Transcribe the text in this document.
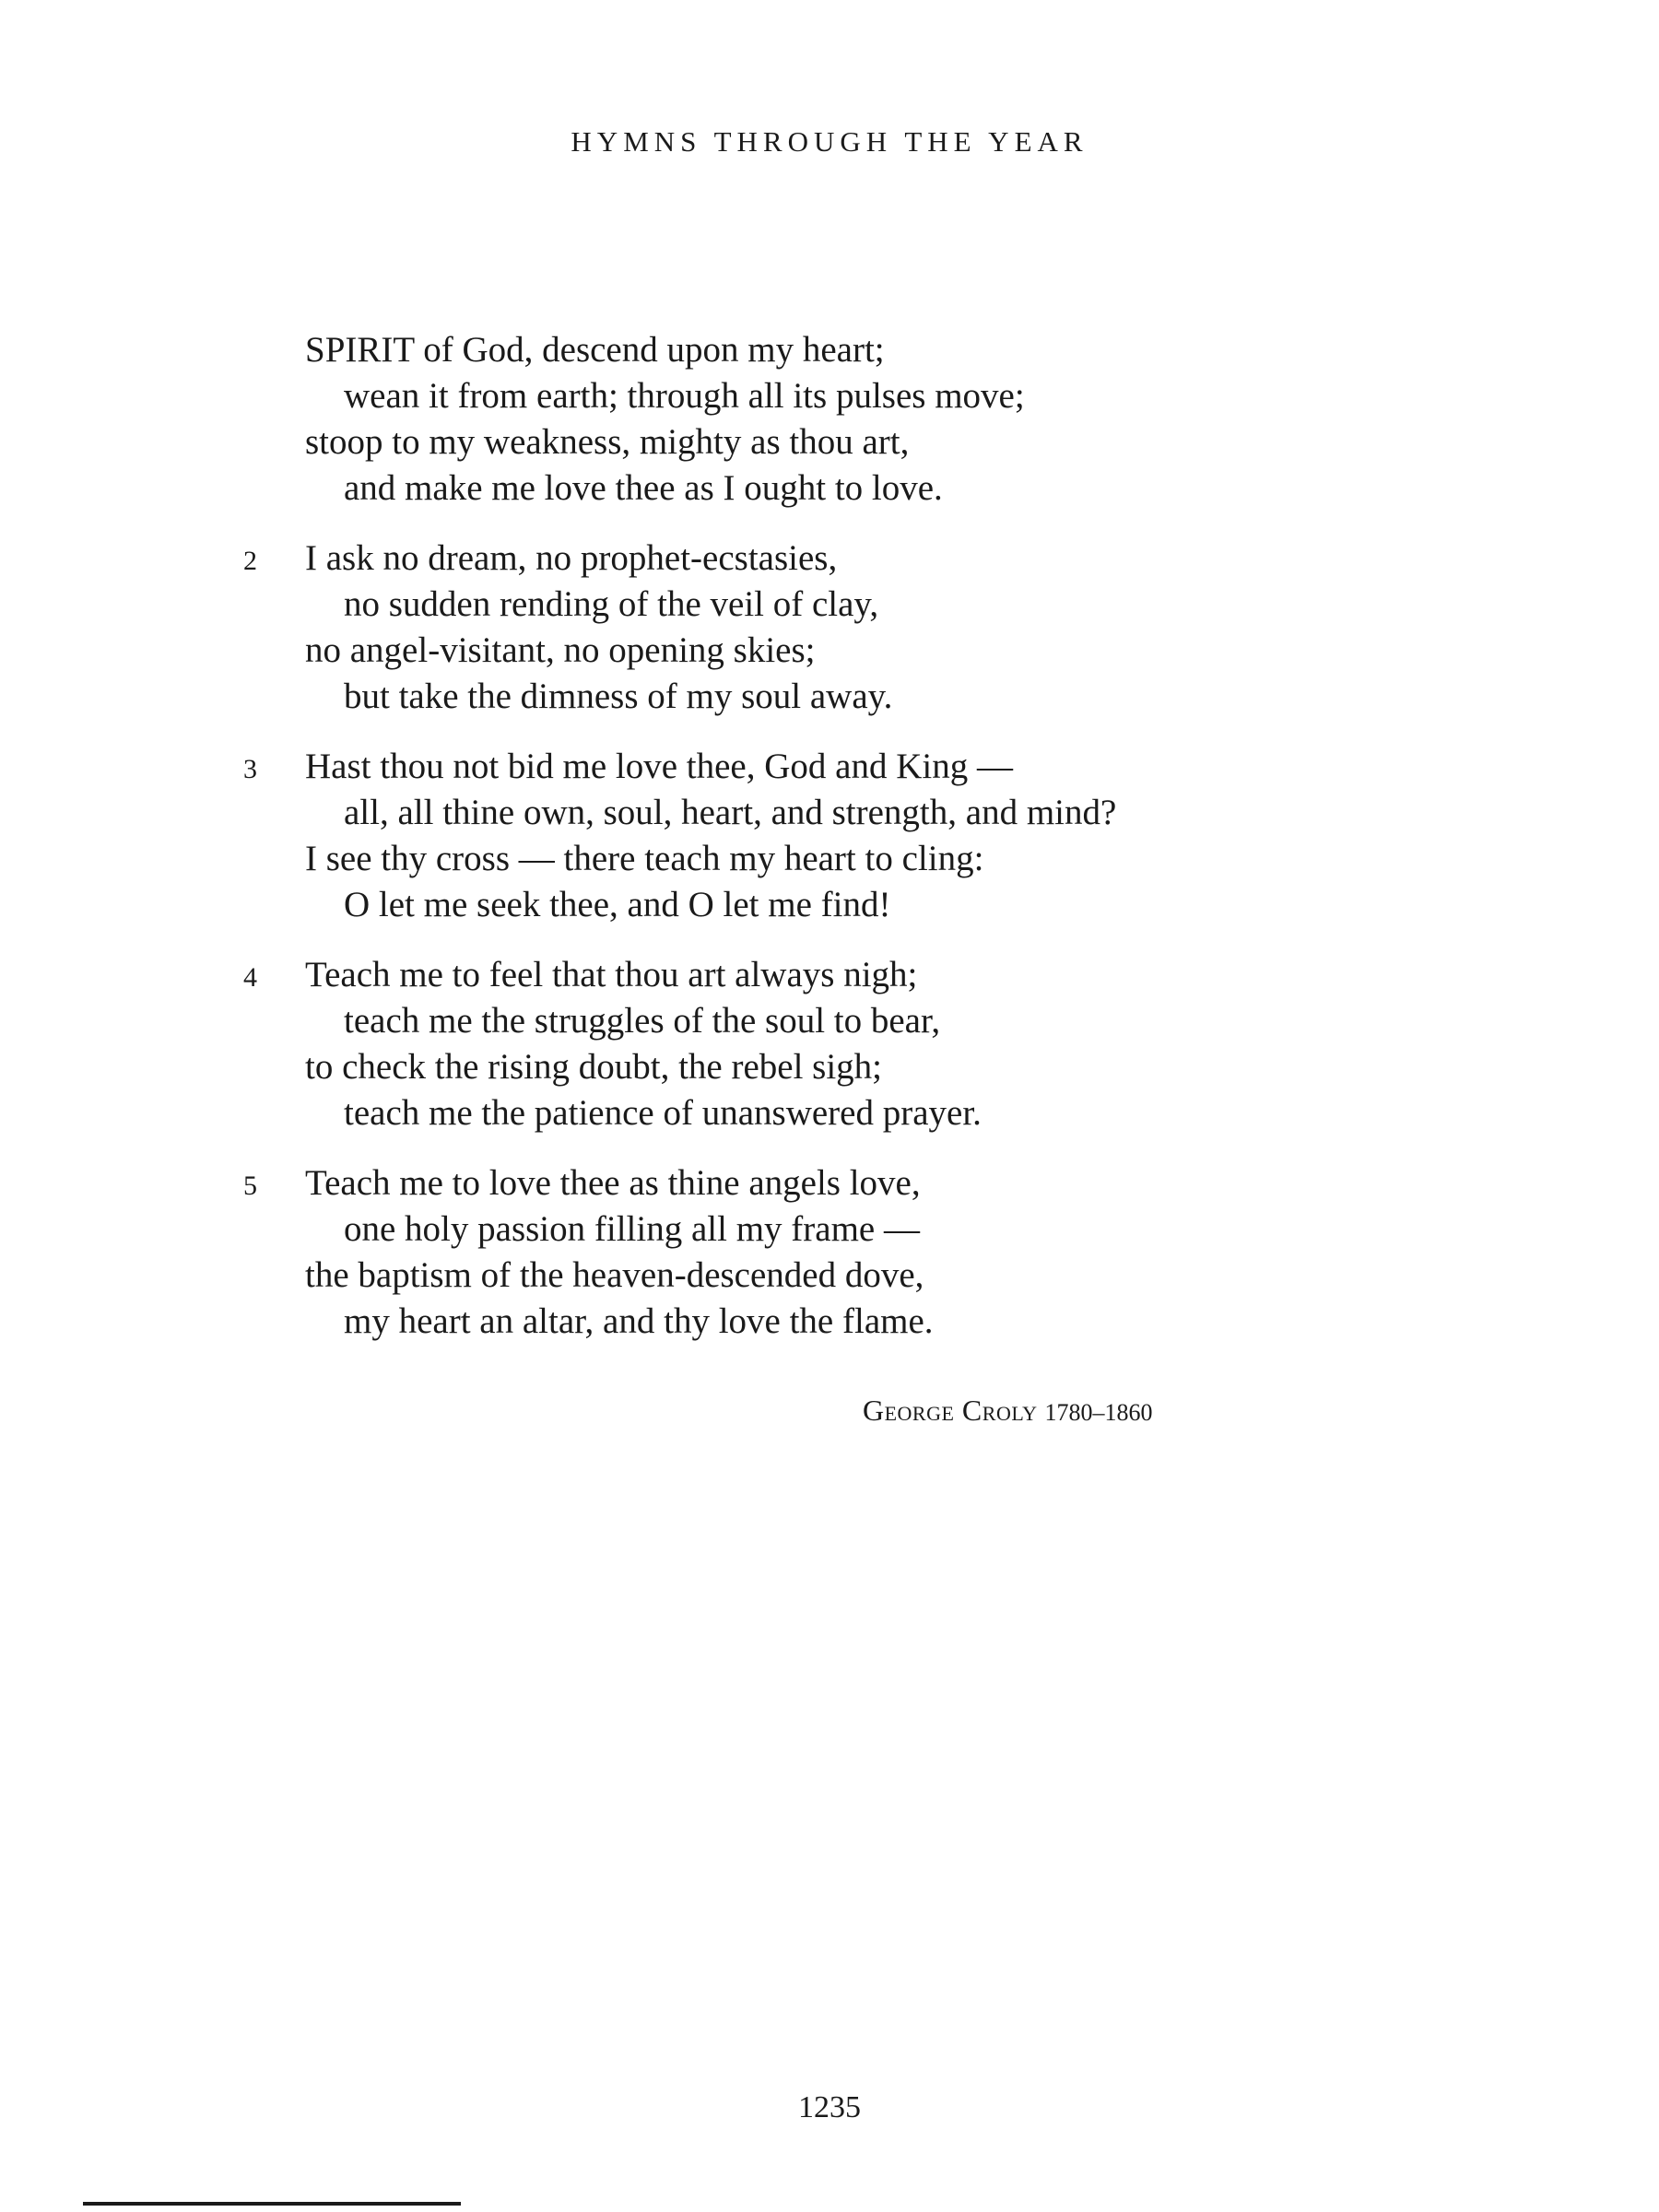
HYMNS THROUGH THE YEAR
SPIRIT of God, descend upon my heart;
wean it from earth; through all its pulses move;
stoop to my weakness, mighty as thou art,
and make me love thee as I ought to love.
2	I ask no dream, no prophet-ecstasies,
no sudden rending of the veil of clay,
no angel-visitant, no opening skies;
but take the dimness of my soul away.
3	Hast thou not bid me love thee, God and King —
all, all thine own, soul, heart, and strength, and mind?
I see thy cross — there teach my heart to cling:
O let me seek thee, and O let me find!
4	Teach me to feel that thou art always nigh;
teach me the struggles of the soul to bear,
to check the rising doubt, the rebel sigh;
teach me the patience of unanswered prayer.
5	Teach me to love thee as thine angels love,
one holy passion filling all my frame —
the baptism of the heaven-descended dove,
my heart an altar, and thy love the flame.
George Croly 1780–1860
1235
